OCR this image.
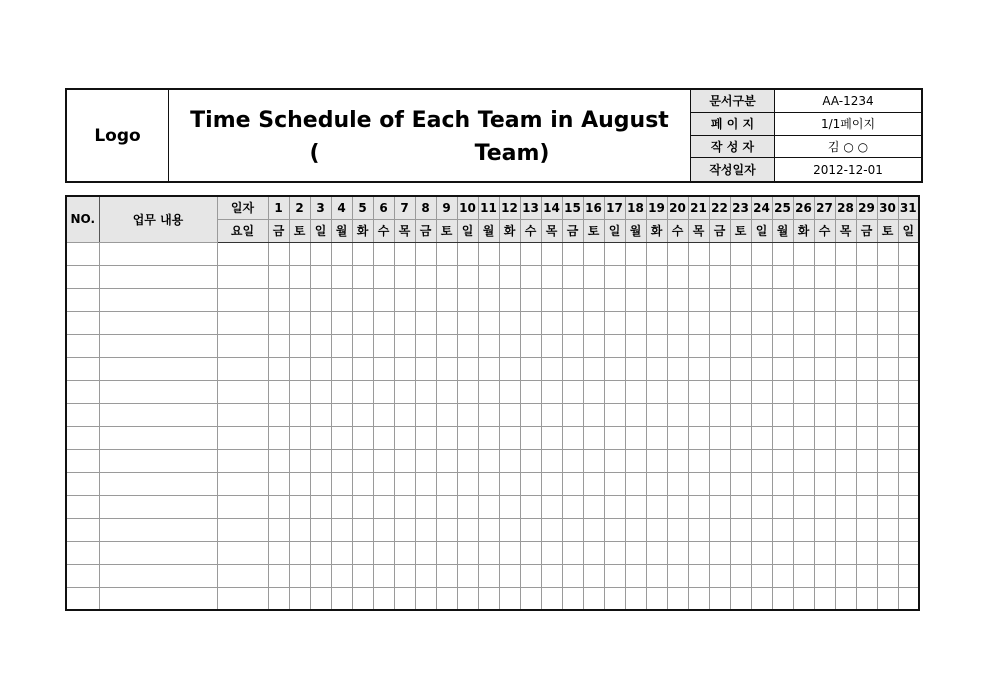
Logo
Time Schedule of Each Team in August
(	Team)
문서구분	AA-1234
페 이 지	1/1페이지
작 성 자	김 ○ ○
작성일자	2012-12-01
NO.	업무 내용	일자	1	2	3	4	5	6	7	8	9	10	11	12	13	14	15	16	17	18	19	20	21	22	23	24	25	26	27	28	29	30	31
		요일	금	토	일	월	화	수	목	금	토	일	월	화	수	목	금	토	일	월	화	수	목	금	토	일	월	화	수	목	금	토	일
